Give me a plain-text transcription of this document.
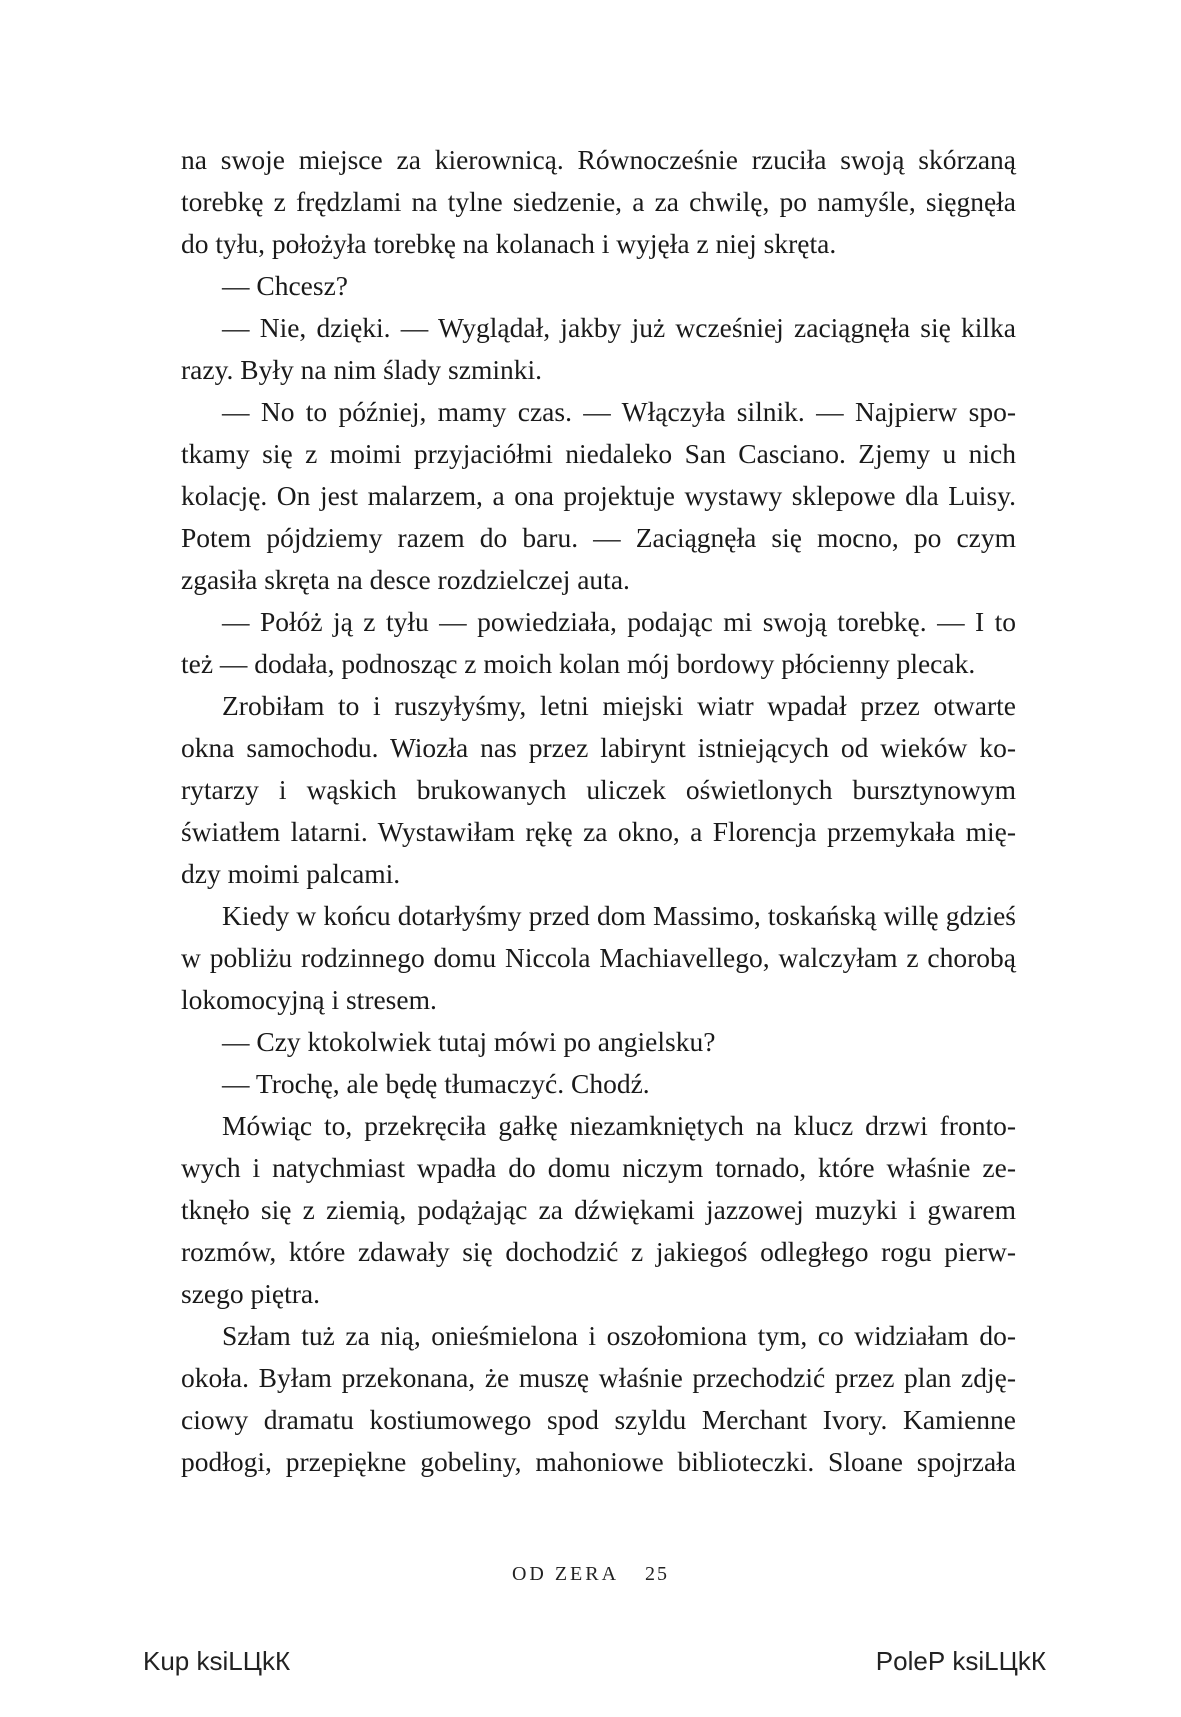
na swoje miejsce za kierownicą. Równocześnie rzuciła swoją skórzaną
torebkę z frędzlami na tylne siedzenie, a za chwilę, po namyśle, sięgnęła
do tyłu, położyła torebkę na kolanach i wyjęła z niej skręta.
— Chcesz?
— Nie, dzięki. — Wyglądał, jakby już wcześniej zaciągnęła się kilka
razy. Były na nim ślady szminki.
— No to później, mamy czas. — Włączyła silnik. — Najpierw spo-
tkamy się z moimi przyjaciółmi niedaleko San Casciano. Zjemy u nich
kolację. On jest malarzem, a ona projektuje wystawy sklepowe dla Luisy.
Potem pójdziemy razem do baru. — Zaciągnęła się mocno, po czym
zgasiła skręta na desce rozdzielczej auta.
— Połóż ją z tyłu — powiedziała, podając mi swoją torebkę. — I to
też — dodała, podnosząc z moich kolan mój bordowy płócienny plecak.
Zrobiłam to i ruszyłyśmy, letni miejski wiatr wpadał przez otwarte
okna samochodu. Wiozła nas przez labirynt istniejących od wieków ko-
rytarzy i wąskich brukowanych uliczek oświetlonych bursztynowym
światłem latarni. Wystawiłam rękę za okno, a Florencja przemykała mię-
dzy moimi palcami.
Kiedy w końcu dotarłyśmy przed dom Massimo, toskańską willę gdzieś
w pobliżu rodzinnego domu Niccola Machiavellego, walczyłam z chorobą
lokomocyjną i stresem.
— Czy ktokolwiek tutaj mówi po angielsku?
— Trochę, ale będę tłumaczyć. Chodź.
Mówiąc to, przekręciła gałkę niezamkniętych na klucz drzwi fronto-
wych i natychmiast wpadła do domu niczym tornado, które właśnie ze-
tknęło się z ziemią, podążając za dźwiękami jazzowej muzyki i gwarem
rozmów, które zdawały się dochodzić z jakiegoś odległego rogu pierw-
szego piętra.
Szłam tuż za nią, onieśmielona i oszołomiona tym, co widziałam do-
okoła. Byłam przekonana, że muszę właśnie przechodzić przez plan zdję-
ciowy dramatu kostiumowego spod szyldu Merchant Ivory. Kamienne
podłogi, przepiękne gobeliny, mahoniowe biblioteczki. Sloane spojrzała
OD ZERA 25
Kup ksiLЦkК	PoleР ksiLЦkК
